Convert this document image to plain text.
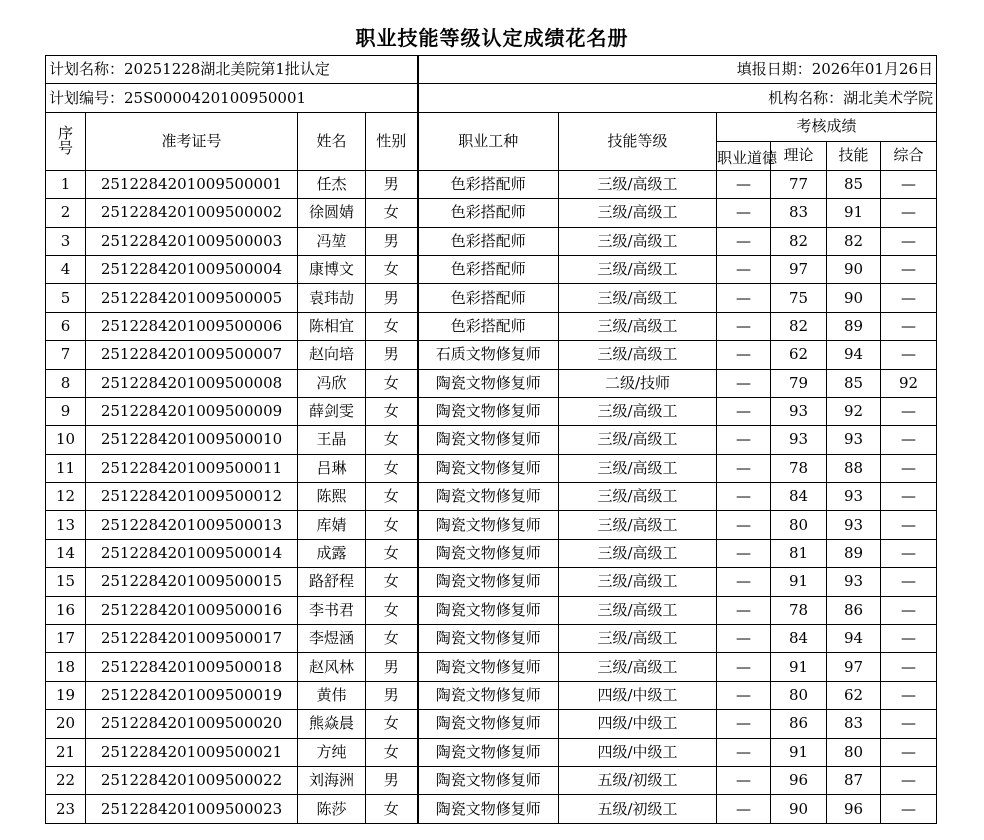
职业技能等级认定成绩花名册
计划名称：20251228湖北美院第1批认定				填报日期：2026年01月26日					
计划编号：25S0000420100950001				机构名称：湖北美术学院					
序
号	准考证号	姓名	性别	职业工种	技能等级	考核成绩			

						职业道德	理论	技能	综合
1	2512284201009500001	任杰	男	色彩搭配师	三级/高级工	—	77	85	—
2	2512284201009500002	徐圆婧	女	色彩搭配师	三级/高级工	—	83	91	—
3	2512284201009500003	冯堃	男	色彩搭配师	三级/高级工	—	82	82	—
4	2512284201009500004	康博文	女	色彩搭配师	三级/高级工	—	97	90	—
5	2512284201009500005	袁玮劼	男	色彩搭配师	三级/高级工	—	75	90	—
6	2512284201009500006	陈相宜	女	色彩搭配师	三级/高级工	—	82	89	—
7	2512284201009500007	赵向培	男	石质文物修复师	三级/高级工	—	62	94	—
8	2512284201009500008	冯欣	女	陶瓷文物修复师	二级/技师	—	79	85	92
9	2512284201009500009	薛剑雯	女	陶瓷文物修复师	三级/高级工	—	93	92	—
10	2512284201009500010	王晶	女	陶瓷文物修复师	三级/高级工	—	93	93	—
11	2512284201009500011	吕琳	女	陶瓷文物修复师	三级/高级工	—	78	88	—
12	2512284201009500012	陈熙	女	陶瓷文物修复师	三级/高级工	—	84	93	—
13	2512284201009500013	库婧	女	陶瓷文物修复师	三级/高级工	—	80	93	—
14	2512284201009500014	成露	女	陶瓷文物修复师	三级/高级工	—	81	89	—
15	2512284201009500015	路舒程	女	陶瓷文物修复师	三级/高级工	—	91	93	—
16	2512284201009500016	李书君	女	陶瓷文物修复师	三级/高级工	—	78	86	—
17	2512284201009500017	李煜涵	女	陶瓷文物修复师	三级/高级工	—	84	94	—
18	2512284201009500018	赵风林	男	陶瓷文物修复师	三级/高级工	—	91	97	—
19	2512284201009500019	黄伟	男	陶瓷文物修复师	四级/中级工	—	80	62	—
20	2512284201009500020	熊焱晨	女	陶瓷文物修复师	四级/中级工	—	86	83	—
21	2512284201009500021	方纯	女	陶瓷文物修复师	四级/中级工	—	91	80	—
22	2512284201009500022	刘海洲	男	陶瓷文物修复师	五级/初级工	—	96	87	—
23	2512284201009500023	陈莎	女	陶瓷文物修复师	五级/初级工	—	90	96	—
